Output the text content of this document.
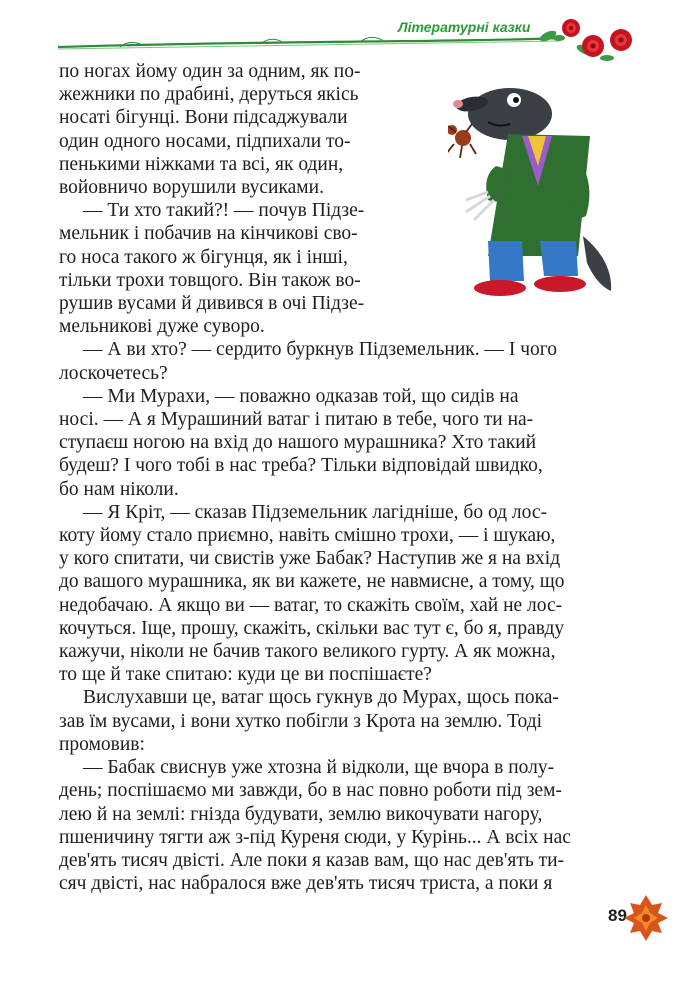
Літературні казки

по ногах йому один за одним, як по-
жежники по драбині, деруться якісь
носаті бігунці. Вони підсаджували
один одного носами, підпихали то-
пенькими ніжками та всі, як один,
войовничо ворушили вусиками.

— Ти хто такий?! — почув Підзе-
мельник і побачив на кінчикові сво-
го носа такого ж бігунця, як і інші,
тільки трохи товщого. Він також во-
рушив вусами й дивився в очі Підзе-
мельникові дуже суворо.

— А ви хто? — сердито буркнув Підземельник. — І чого
лоскочетесь?

— Ми Мурахи, — поважно одказав той, що сидів на
носі. — А я Мурашиний ватаг і питаю в тебе, чого ти на-
ступаєш ногою на вхід до нашого мурашника? Хто такий
будеш? І чого тобі в нас треба? Тільки відповідай швидко,
бо нам ніколи.

— Я Кріт, — сказав Підземельник лагідніше, бо од лос-
коту йому стало приємно, навіть смішно трохи, — і шукаю,
у кого спитати, чи свистів уже Бабак? Наступив же я на вхід
до вашого мурашника, як ви кажете, не навмисне, а тому, що
недобачаю. А якщо ви — ватаг, то скажіть своїм, хай не лос-
кочуться. Іще, прошу, скажіть, скільки вас тут є, бо я, правду
кажучи, ніколи не бачив такого великого гурту. А як можна,
то ще й таке спитаю: куди це ви поспішаєте?

Вислухавши це, ватаг щось гукнув до Мурах, щось пока-
зав їм вусами, і вони хутко побігли з Крота на землю. Тоді
промовив:

— Бабак свиснув уже хтозна й відколи, ще вчора в полу-
день; поспішаємо ми завжди, бо в нас повно роботи під зем-
лею й на землі: гнізда будувати, землю викочувати нагору,
пшеничину тягти аж з-під Куреня сюди, у Курінь... А всіх нас
дев'ять тисяч двісті. Але поки я казав вам, що нас дев'ять ти-
сяч двісті, нас набралося вже дев'ять тисяч триста, а поки я

89
